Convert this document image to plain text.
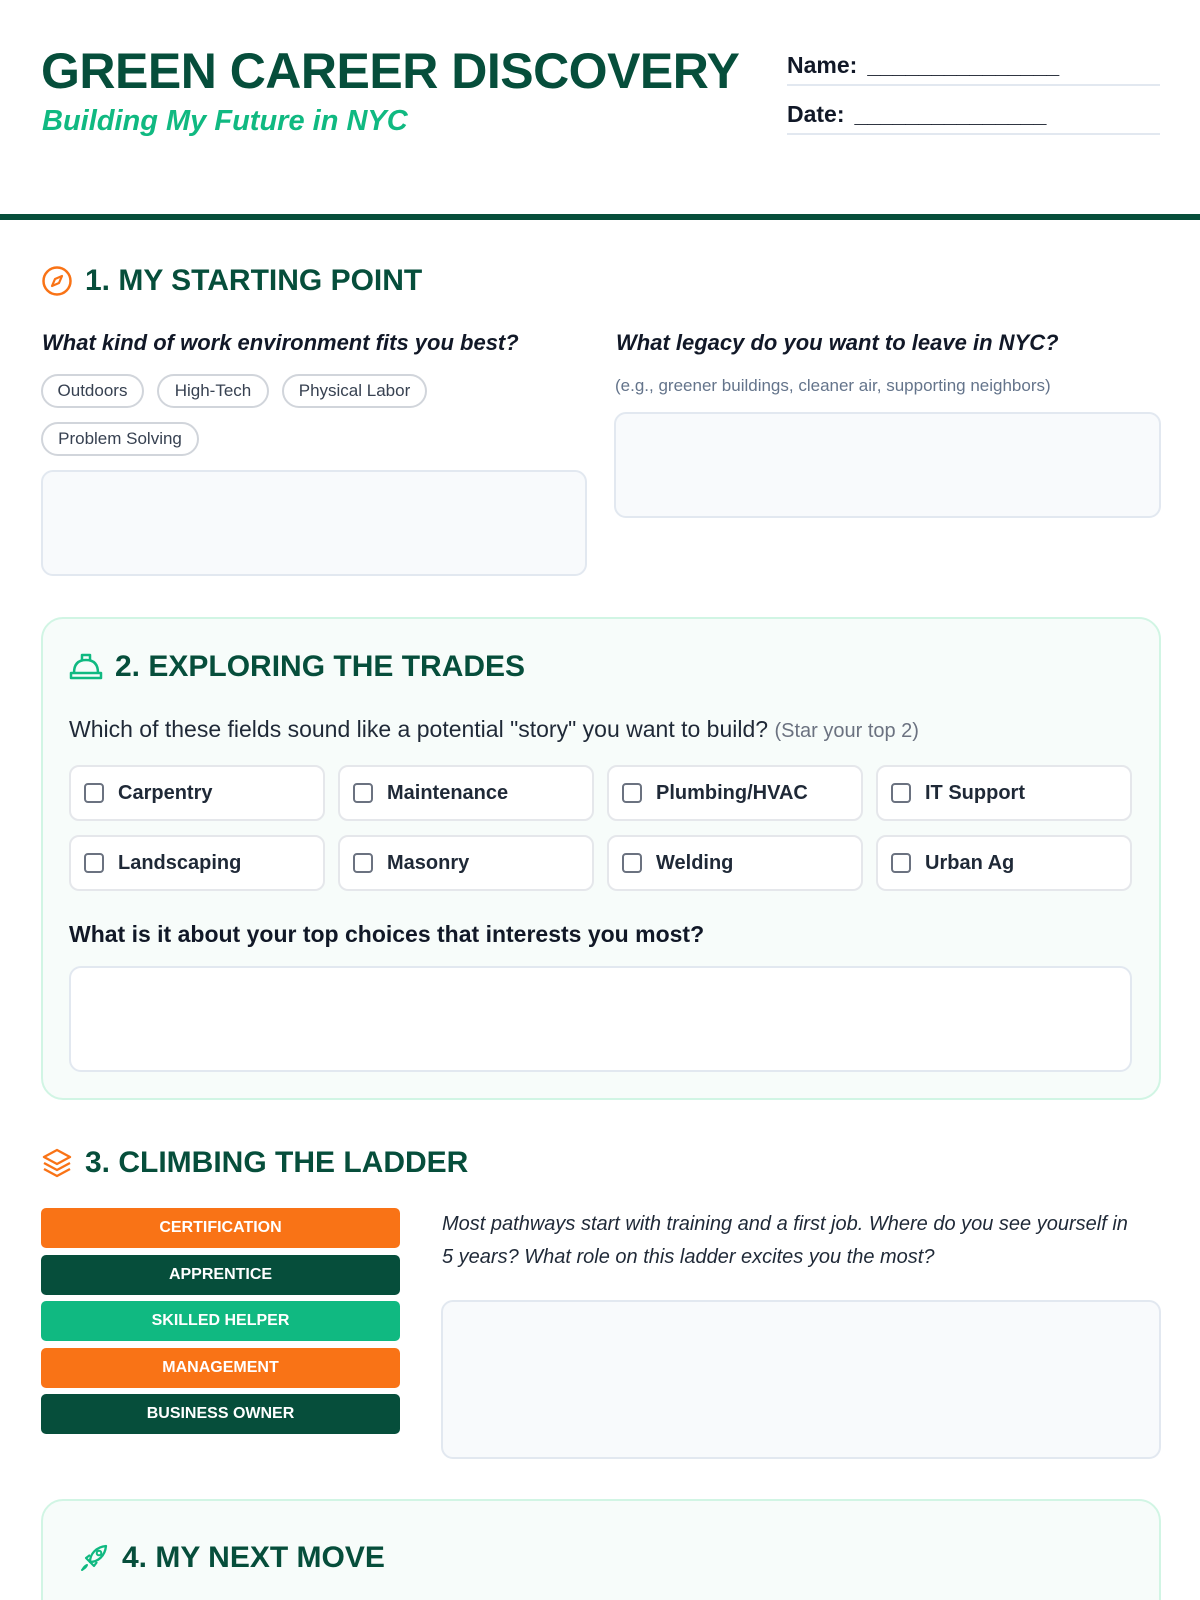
GREEN CAREER DISCOVERY
Building My Future in NYC
Name: _______________
Date: _______________
1. MY STARTING POINT
What kind of work environment fits you best?
Outdoors	High-Tech	Physical Labor
Problem Solving
What legacy do you want to leave in NYC?
(e.g., greener buildings, cleaner air, supporting neighbors)
2. EXPLORING THE TRADES
Which of these fields sound like a potential "story" you want to build? (Star your top 2)
Carpentry	Maintenance	Plumbing/HVAC	IT Support
Landscaping	Masonry	Welding	Urban Ag
What is it about your top choices that interests you most?
3. CLIMBING THE LADDER
CERTIFICATION
APPRENTICE
SKILLED HELPER
MANAGEMENT
BUSINESS OWNER
Most pathways start with training and a first job. Where do you see yourself in 5 years? What role on this ladder excites you the most?
4. MY NEXT MOVE
